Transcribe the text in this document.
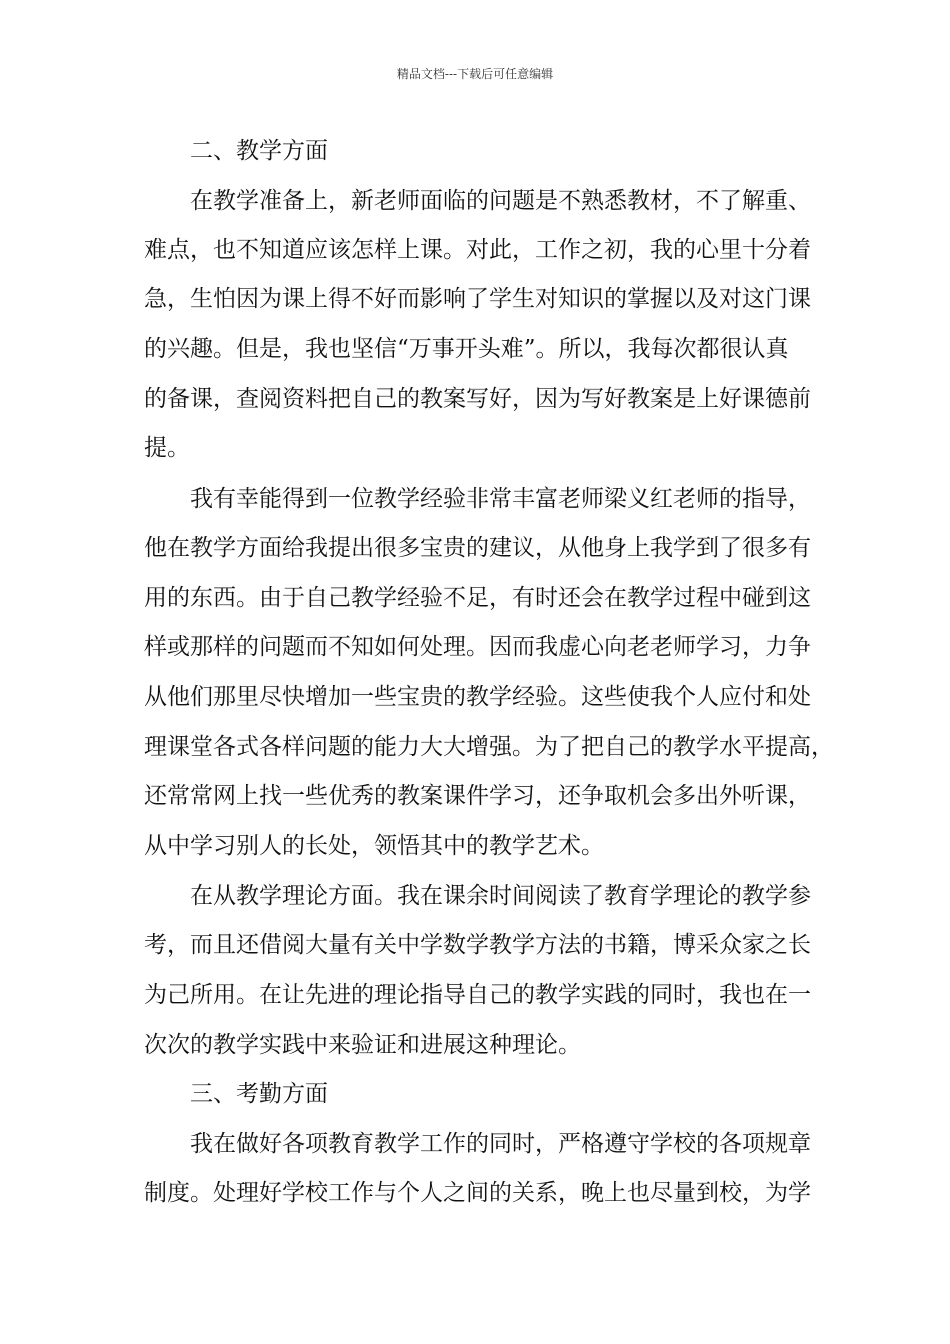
精品文档---下载后可任意编辑
二、教学方面
在教学准备上，新老师面临的问题是不熟悉教材，不了解重、
难点，也不知道应该怎样上课。对此，工作之初，我的心里十分着
急，生怕因为课上得不好而影响了学生对知识的掌握以及对这门课
的兴趣。但是，我也坚信“万事开头难”。所以，我每次都很认真
的备课，查阅资料把自己的教案写好，因为写好教案是上好课德前
提。
我有幸能得到一位教学经验非常丰富老师梁义红老师的指导，
他在教学方面给我提出很多宝贵的建议，从他身上我学到了很多有
用的东西。由于自己教学经验不足，有时还会在教学过程中碰到这
样或那样的问题而不知如何处理。因而我虚心向老老师学习，力争
从他们那里尽快增加一些宝贵的教学经验。这些使我个人应付和处
理课堂各式各样问题的能力大大增强。为了把自己的教学水平提高，
还常常网上找一些优秀的教案课件学习，还争取机会多出外听课，
从中学习别人的长处，领悟其中的教学艺术。
在从教学理论方面。我在课余时间阅读了教育学理论的教学参
考，而且还借阅大量有关中学数学教学方法的书籍，博采众家之长
为己所用。在让先进的理论指导自己的教学实践的同时，我也在一
次次的教学实践中来验证和进展这种理论。
三、考勤方面
我在做好各项教育教学工作的同时，严格遵守学校的各项规章
制度。处理好学校工作与个人之间的关系，晚上也尽量到校，为学
